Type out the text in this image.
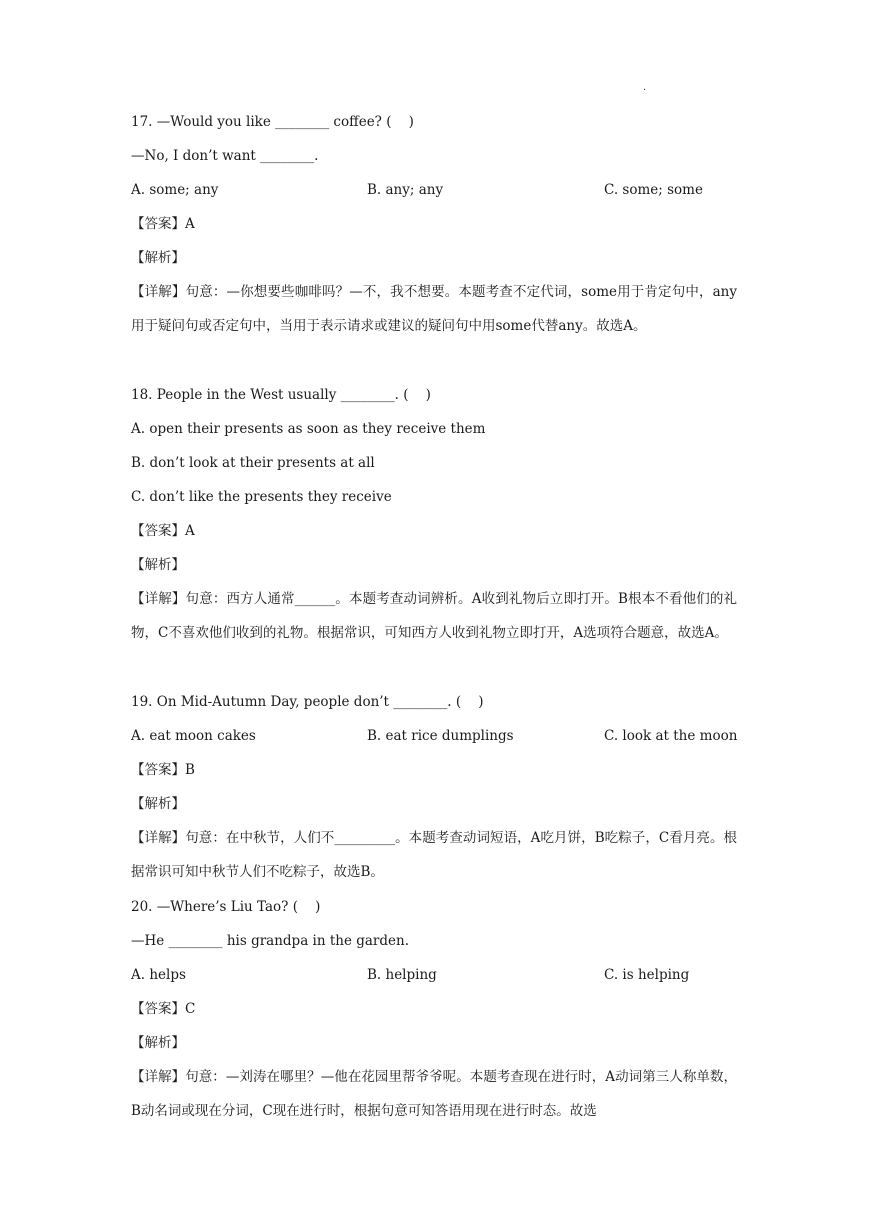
.
17. —Would you like ________ coffee? (    )
—No, I don’t want ________.
A. some; any	B. any; any	C. some; some
【答案】A
【解析】
【详解】句意：—你想要些咖啡吗？—不，我不想要。本题考查不定代词，some用于肯定句中，any用于疑问句或否定句中，当用于表示请求或建议的疑问句中用some代替any。故选A。
18. People in the West usually ________. (    )
A. open their presents as soon as they receive them
B. don’t look at their presents at all
C. don’t like the presents they receive
【答案】A
【解析】
【详解】句意：西方人通常______。本题考查动词辨析。A收到礼物后立即打开。B根本不看他们的礼物，C不喜欢他们收到的礼物。根据常识，可知西方人收到礼物立即打开，A选项符合题意，故选A。
19. On Mid-Autumn Day, people don’t ________. (    )
A. eat moon cakes	B. eat rice dumplings	C. look at the moon
【答案】B
【解析】
【详解】句意：在中秋节，人们不_________。本题考查动词短语，A吃月饼，B吃粽子，C看月亮。根据常识可知中秋节人们不吃粽子，故选B。
20. —Where’s Liu Tao? (    )
—He ________ his grandpa in the garden.
A. helps	B. helping	C. is helping
【答案】C
【解析】
【详解】句意：—刘涛在哪里？—他在花园里帮爷爷呢。本题考查现在进行时，A动词第三人称单数，B动名词或现在分词，C现在进行时，根据句意可知答语用现在进行时态。故选
